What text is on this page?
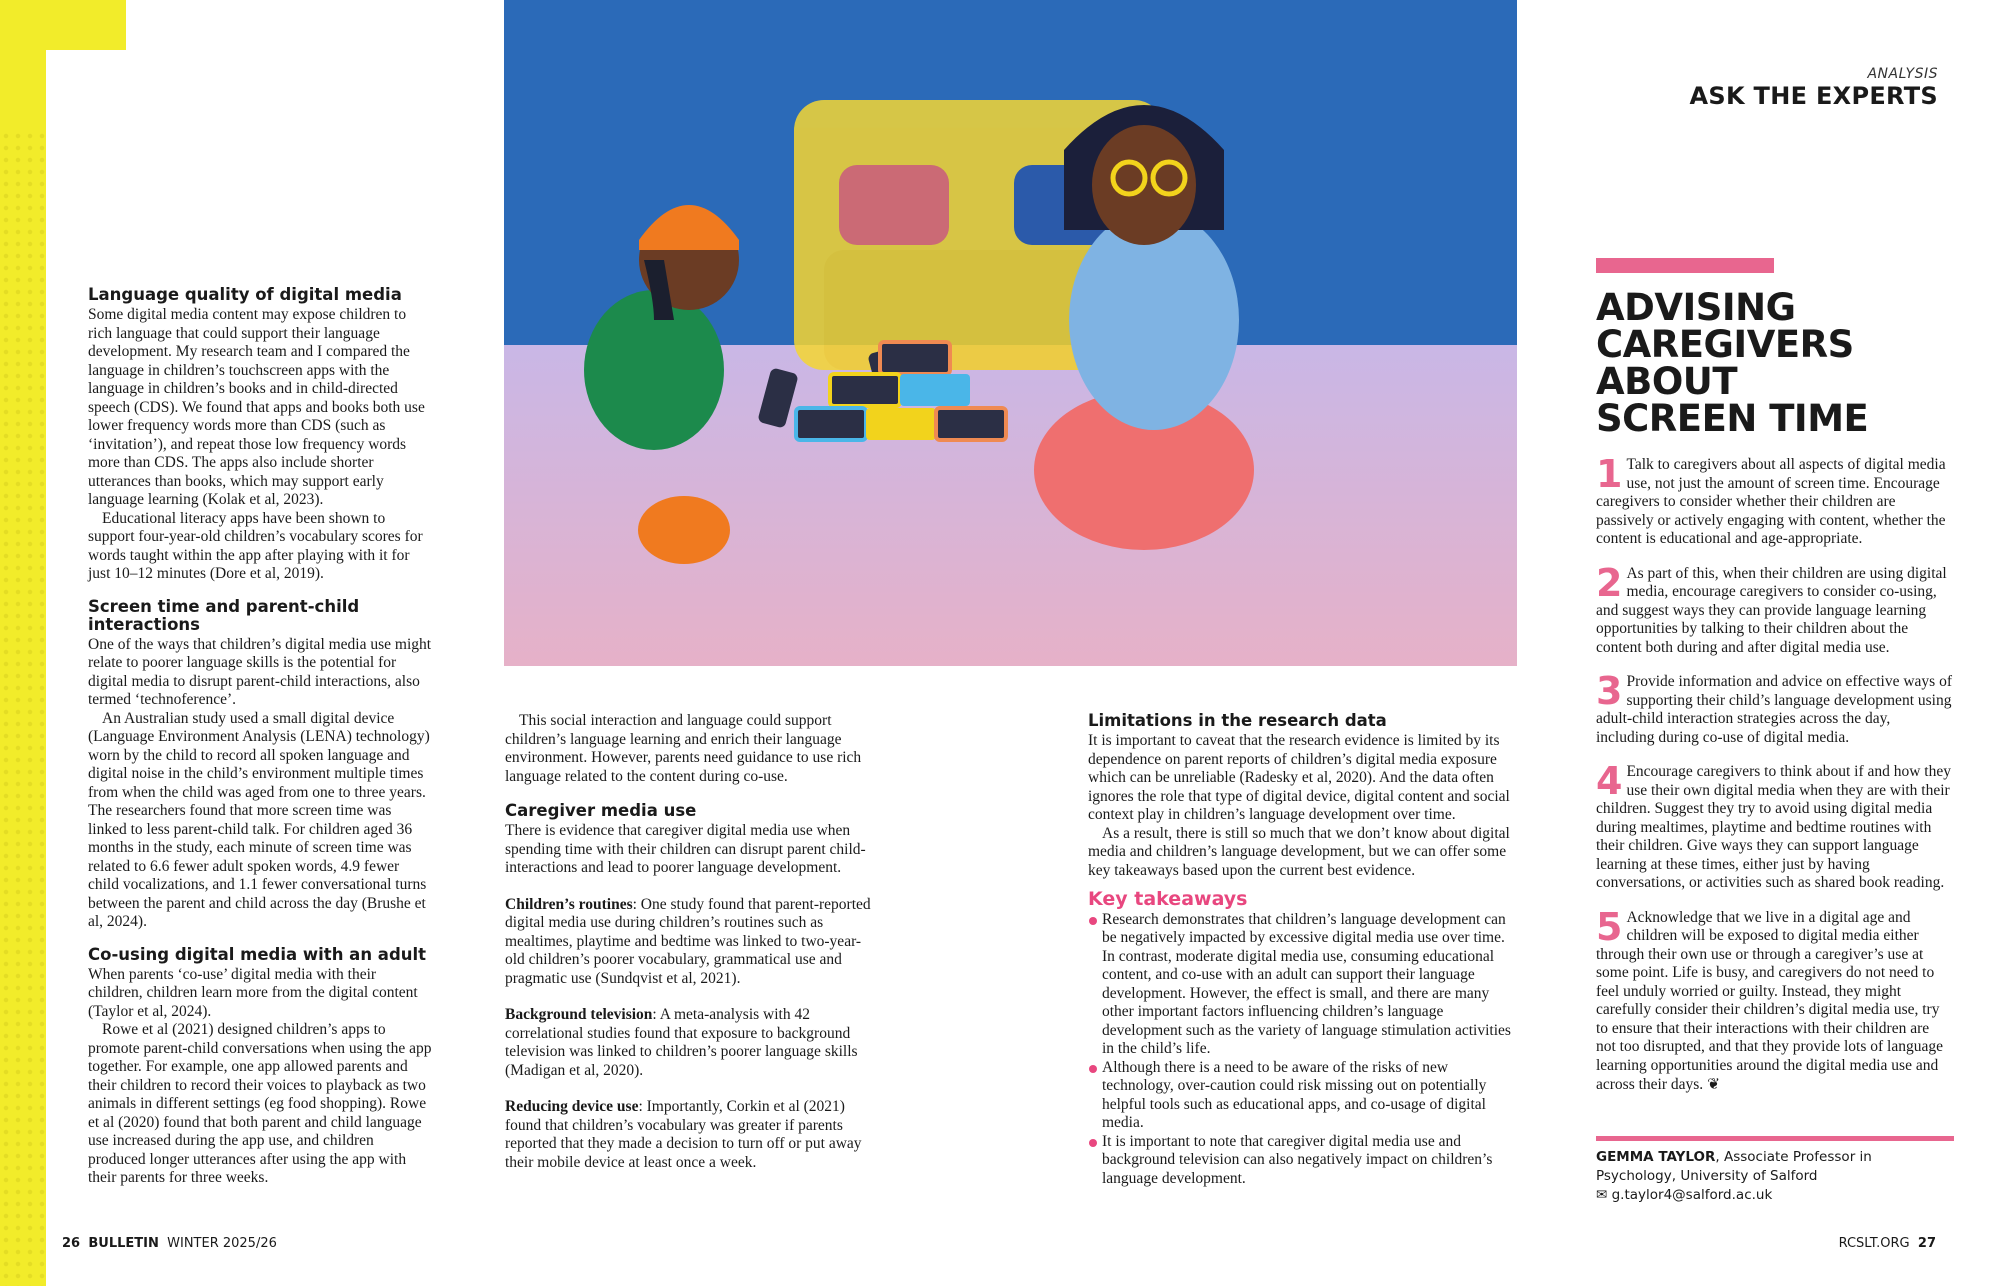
ANALYSIS
ASK THE EXPERTS
Language quality of digital media

Some digital media content may expose children to rich language that could support their language development. My research team and I compared the language in children’s touchscreen apps with the language in children’s books and in child-directed speech (CDS). We found that apps and books both use lower frequency words more than CDS (such as ‘invitation’), and repeat those low frequency words more than CDS. The apps also include shorter utterances than books, which may support early language learning (Kolak et al, 2023).

Educational literacy apps have been shown to support four-year-old children’s vocabulary scores for words taught within the app after playing with it for just 10–12 minutes (Dore et al, 2019).

Screen time and parent-child interactions

One of the ways that children’s digital media use might relate to poorer language skills is the potential for digital media to disrupt parent-child interactions, also termed ‘technoference’.

An Australian study used a small digital device (Language Environment Analysis (LENA) technology) worn by the child to record all spoken language and digital noise in the child’s environment multiple times from when the child was aged from one to three years. The researchers found that more screen time was linked to less parent-child talk. For children aged 36 months in the study, each minute of screen time was related to 6.6 fewer adult spoken words, 4.9 fewer child vocalizations, and 1.1 fewer conversational turns between the parent and child across the day (Brushe et al, 2024).

Co-using digital media with an adult

When parents ‘co-use’ digital media with their children, children learn more from the digital content (Taylor et al, 2024).

Rowe et al (2021) designed children’s apps to promote parent-child conversations when using the app together. For example, one app allowed parents and their children to record their voices to playback as two animals in different settings (eg food shopping). Rowe et al (2020) found that both parent and child language use increased during the app use, and children produced longer utterances after using the app with their parents for three weeks.

This social interaction and language could support children’s language learning and enrich their language environment. However, parents need guidance to use rich language related to the content during co-use.

Caregiver media use

There is evidence that caregiver digital media use when spending time with their children can disrupt parent child-interactions and lead to poorer language development.

Children’s routines: One study found that parent-reported digital media use during children’s routines such as mealtimes, playtime and bedtime was linked to two-year-old children’s poorer vocabulary, grammatical use and pragmatic use (Sundqvist et al, 2021).

Background television: A meta-analysis with 42 correlational studies found that exposure to background television was linked to children’s poorer language skills (Madigan et al, 2020).

Reducing device use: Importantly, Corkin et al (2021) found that children’s vocabulary was greater if parents reported that they made a decision to turn off or put away their mobile device at least once a week.

Limitations in the research data

It is important to caveat that the research evidence is limited by its dependence on parent reports of children’s digital media exposure which can be unreliable (Radesky et al, 2020). And the data often ignores the role that type of digital device, digital content and social context play in children’s language development over time.

As a result, there is still so much that we don’t know about digital media and children’s language development, but we can offer some key takeaways based upon the current best evidence.

Key takeaways
Research demonstrates that children’s language development can be negatively impacted by excessive digital media use over time. In contrast, moderate digital media use, consuming educational content, and co-use with an adult can support their language development. However, the effect is small, and there are many other important factors influencing children’s language development such as the variety of language stimulation activities in the child’s life.
Although there is a need to be aware of the risks of new technology, over-caution could risk missing out on potentially helpful tools such as educational apps, and co-usage of digital media.
It is important to note that caregiver digital media use and background television can also negatively impact on children’s language development.
ADVISING
CAREGIVERS
ABOUT
SCREEN TIME
1 Talk to caregivers about all aspects of digital media use, not just the amount of screen time. Encourage caregivers to consider whether their children are passively or actively engaging with content, whether the content is educational and age-appropriate.
2 As part of this, when their children are using digital media, encourage caregivers to consider co-using, and suggest ways they can provide language learning opportunities by talking to their children about the content both during and after digital media use.
3 Provide information and advice on effective ways of supporting their child’s language development using adult-child interaction strategies across the day, including during co-use of digital media.
4 Encourage caregivers to think about if and how they use their own digital media when they are with their children. Suggest they try to avoid using digital media during mealtimes, playtime and bedtime routines with their children. Give ways they can support language learning at these times, either just by having conversations, or activities such as shared book reading.
5 Acknowledge that we live in a digital age and children will be exposed to digital media either through their own use or through a caregiver’s use at some point. Life is busy, and caregivers do not need to feel unduly worried or guilty. Instead, they might carefully consider their children’s digital media use, try to ensure that their interactions with their children are not too disrupted, and that they provide lots of language learning opportunities around the digital media use and across their days. ❦
GEMMA TAYLOR, Associate Professor in Psychology, University of Salford
✉ g.taylor4@salford.ac.uk
26 BULLETIN WINTER 2025/26	RCSLT.ORG 27
